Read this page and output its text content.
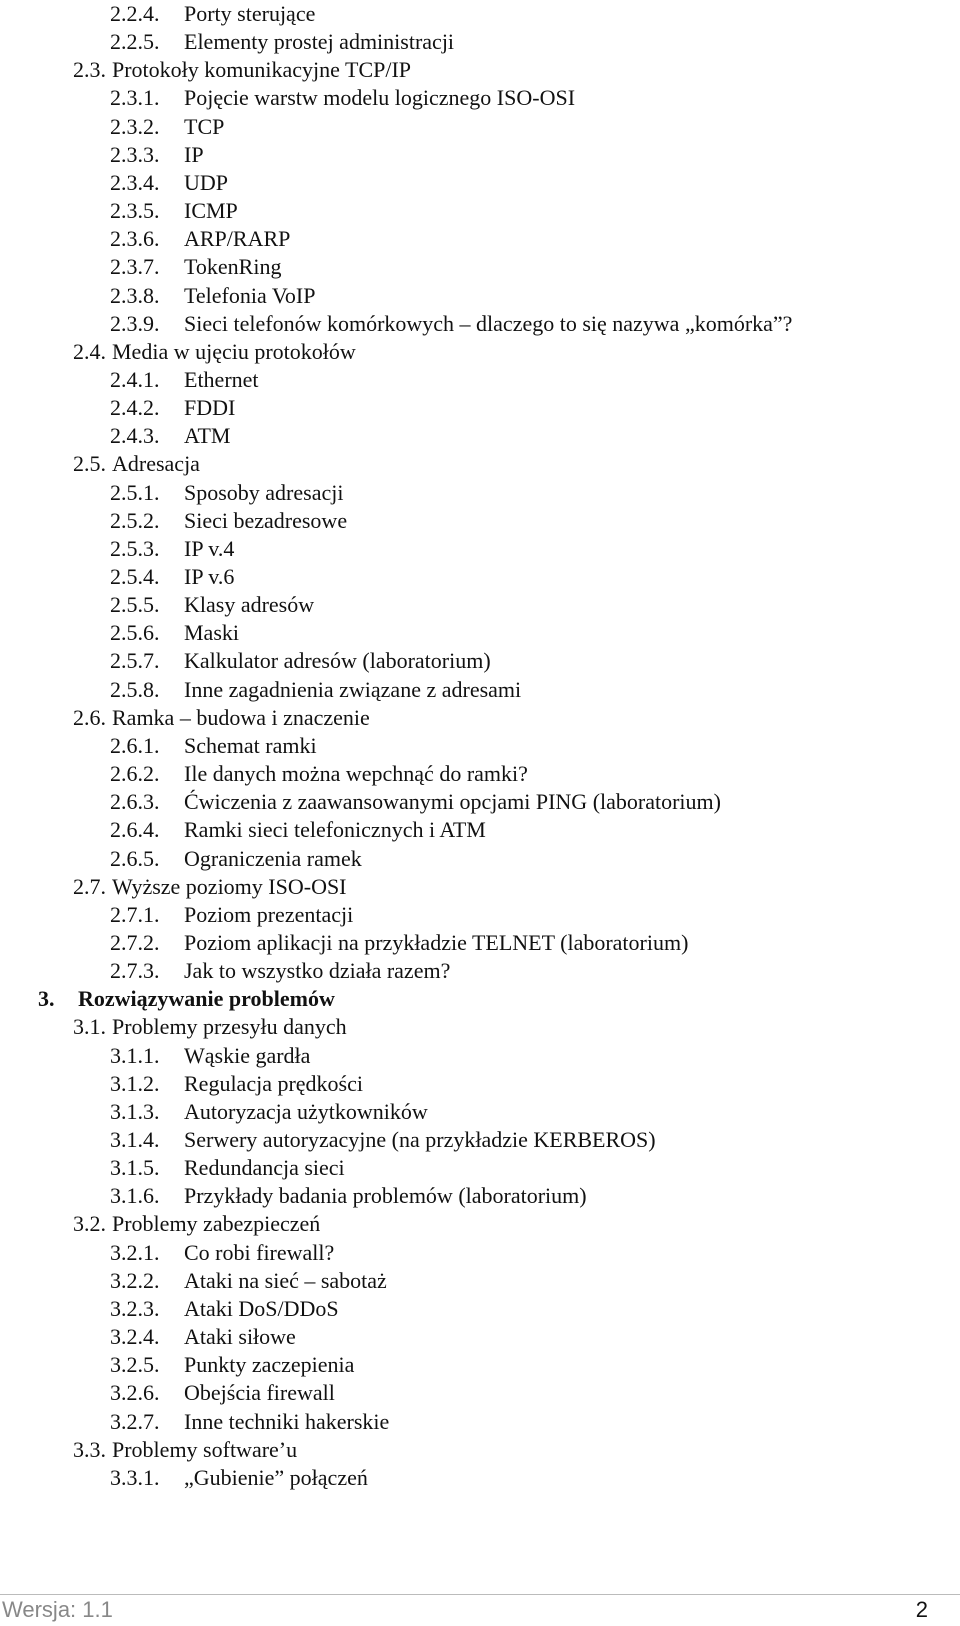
2.2.4. Porty sterujące
2.2.5. Elementy prostej administracji
2.3. Protokoły komunikacyjne TCP/IP
2.3.1. Pojęcie warstw modelu logicznego ISO-OSI
2.3.2. TCP
2.3.3. IP
2.3.4. UDP
2.3.5. ICMP
2.3.6. ARP/RARP
2.3.7. TokenRing
2.3.8. Telefonia VoIP
2.3.9. Sieci telefonów komórkowych – dlaczego to się nazywa „komórka”?
2.4. Media w ujęciu protokołów
2.4.1. Ethernet
2.4.2. FDDI
2.4.3. ATM
2.5. Adresacja
2.5.1. Sposoby adresacji
2.5.2. Sieci bezadresowe
2.5.3. IP v.4
2.5.4. IP v.6
2.5.5. Klasy adresów
2.5.6. Maski
2.5.7. Kalkulator adresów (laboratorium)
2.5.8. Inne zagadnienia związane z adresami
2.6. Ramka – budowa i znaczenie
2.6.1. Schemat ramki
2.6.2. Ile danych można wepchnąć do ramki?
2.6.3. Ćwiczenia z zaawansowanymi opcjami PING (laboratorium)
2.6.4. Ramki sieci telefonicznych i ATM
2.6.5. Ograniczenia ramek
2.7. Wyższe poziomy ISO-OSI
2.7.1. Poziom prezentacji
2.7.2. Poziom aplikacji na przykładzie TELNET (laboratorium)
2.7.3. Jak to wszystko działa razem?
3. Rozwiązywanie problemów
3.1. Problemy przesyłu danych
3.1.1. Wąskie gardła
3.1.2. Regulacja prędkości
3.1.3. Autoryzacja użytkowników
3.1.4. Serwery autoryzacyjne (na przykładzie KERBEROS)
3.1.5. Redundancja sieci
3.1.6. Przykłady badania problemów (laboratorium)
3.2. Problemy zabezpieczeń
3.2.1. Co robi firewall?
3.2.2. Ataki na sieć – sabotaż
3.2.3. Ataki DoS/DDoS
3.2.4. Ataki siłowe
3.2.5. Punkty zaczepienia
3.2.6. Obejścia firewall
3.2.7. Inne techniki hakerskie
3.3. Problemy software’u
3.3.1. „Gubienie” połączeń
Wersja: 1.1	2
